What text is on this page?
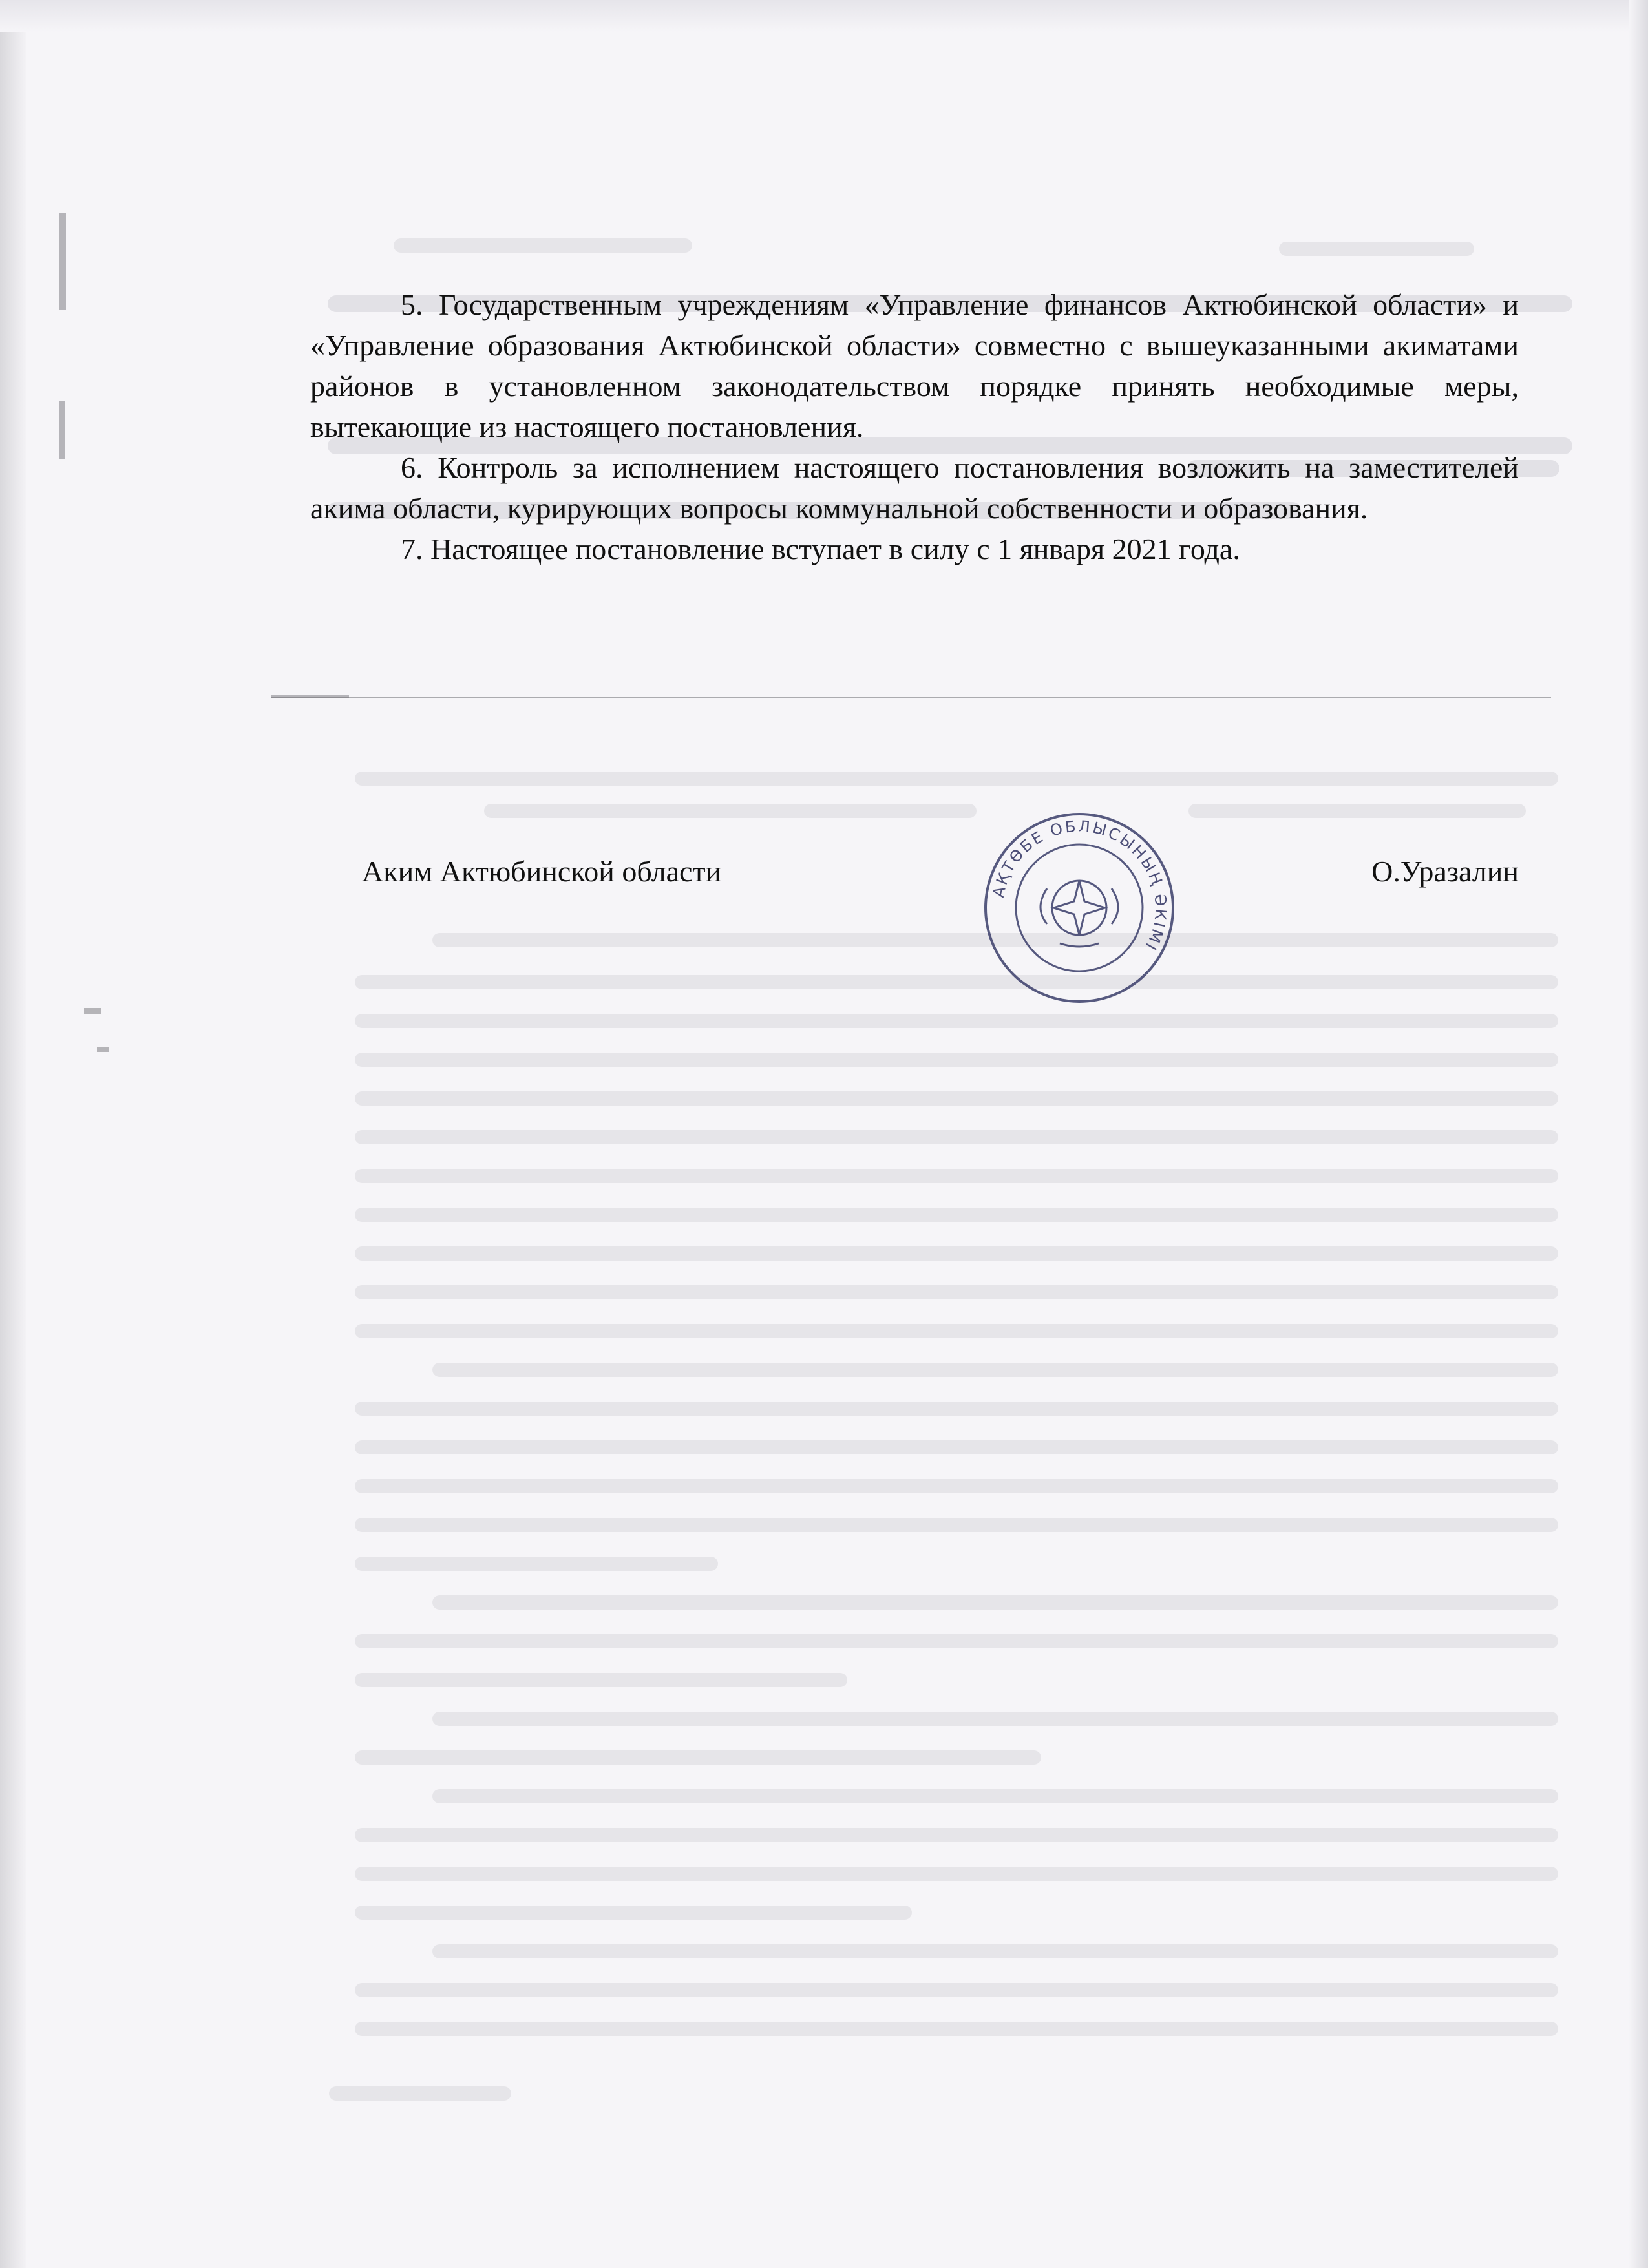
5. Государственным учреждениям «Управление финансов Актюбинской области» и «Управление образования Актюбинской области» совместно с вышеуказанными акиматами районов в установленном законодательством порядке принять необходимые меры, вытекающие из настоящего постановления.

6. Контроль за исполнением настоящего постановления возложить на заместителей акима области, курирующих вопросы коммунальной собственности и образования.

7. Настоящее постановление вступает в силу с 1 января 2021 года.

Аким Актюбинской области	О.Уразалин
АҚТӨБЕ ОБЛЫСЫНЫҢ ӘКІМІ
